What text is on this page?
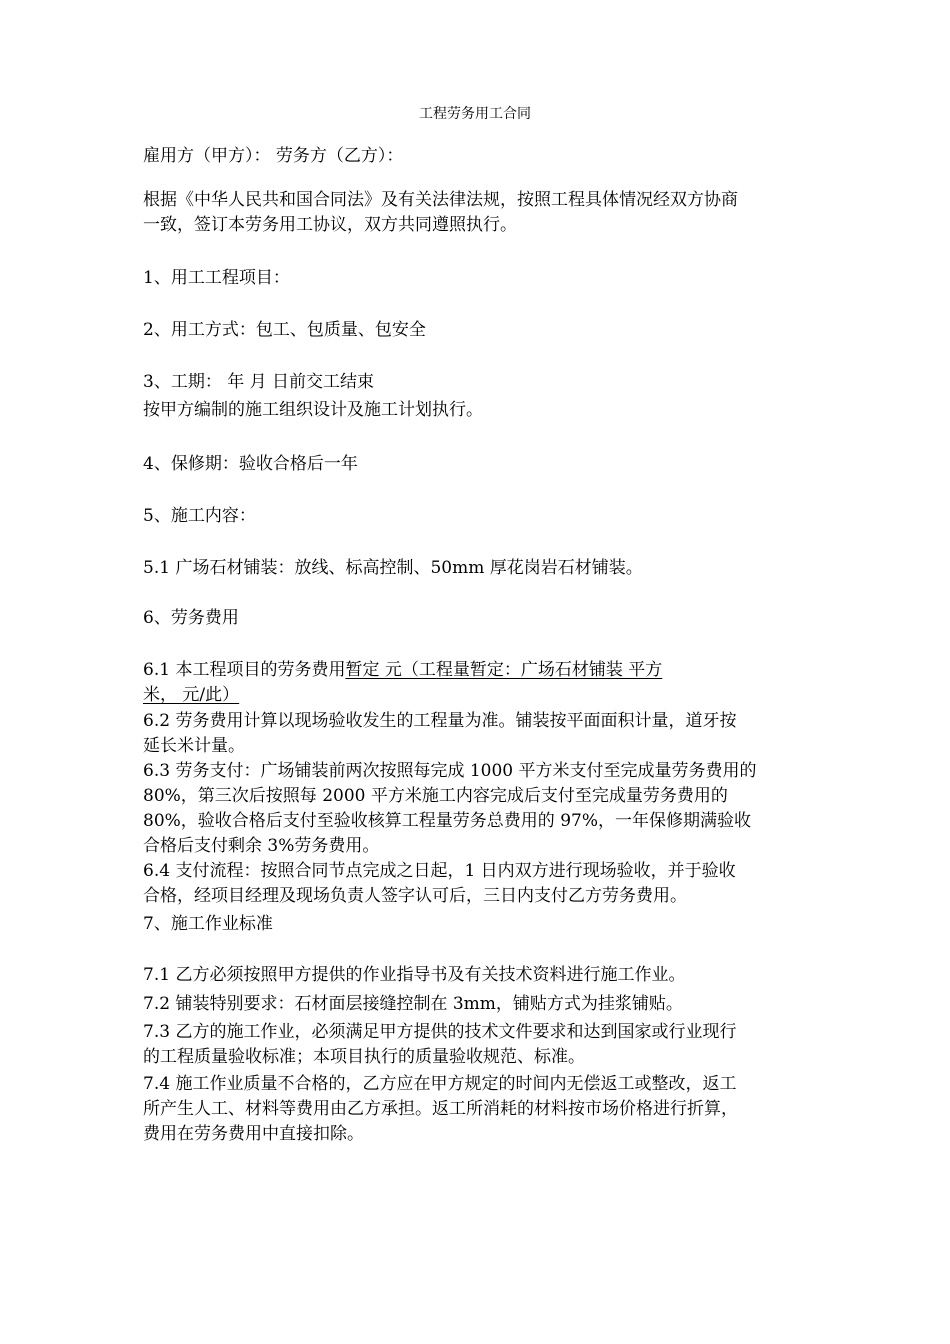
工程劳务用工合同
雇用方（甲方）： 劳务方（乙方）：
根据《中华人民共和国合同法》及有关法律法规，按照工程具体情况经双方协商
一致，签订本劳务用工协议，双方共同遵照执行。
1、用工工程项目：
2、用工方式：包工、包质量、包安全
3、工期： 年 月 日前交工结束
按甲方编制的施工组织设计及施工计划执行。
4、保修期：验收合格后一年
5、施工内容：
5.1 广场石材铺装：放线、标高控制、50mm 厚花岗岩石材铺装。
6、劳务费用
6.1 本工程项目的劳务费用暂定 元（工程量暂定：广场石材铺装 平方
米， 元/此）
6.2 劳务费用计算以现场验收发生的工程量为准。铺装按平面面积计量，道牙按
延长米计量。
6.3 劳务支付：广场铺装前两次按照每完成 1000 平方米支付至完成量劳务费用的
80%，第三次后按照每 2000 平方米施工内容完成后支付至完成量劳务费用的
80%，验收合格后支付至验收核算工程量劳务总费用的 97%，一年保修期满验收
合格后支付剩余 3%劳务费用。
6.4 支付流程：按照合同节点完成之日起，1 日内双方进行现场验收，并于验收
合格，经项目经理及现场负责人签字认可后，三日内支付乙方劳务费用。
7、施工作业标准
7.1 乙方必须按照甲方提供的作业指导书及有关技术资料进行施工作业。
7.2 铺装特别要求：石材面层接缝控制在 3mm，铺贴方式为挂浆铺贴。
7.3 乙方的施工作业，必须满足甲方提供的技术文件要求和达到国家或行业现行
的工程质量验收标准；本项目执行的质量验收规范、标准。
7.4 施工作业质量不合格的，乙方应在甲方规定的时间内无偿返工或整改，返工
所产生人工、材料等费用由乙方承担。返工所消耗的材料按市场价格进行折算，
费用在劳务费用中直接扣除。
